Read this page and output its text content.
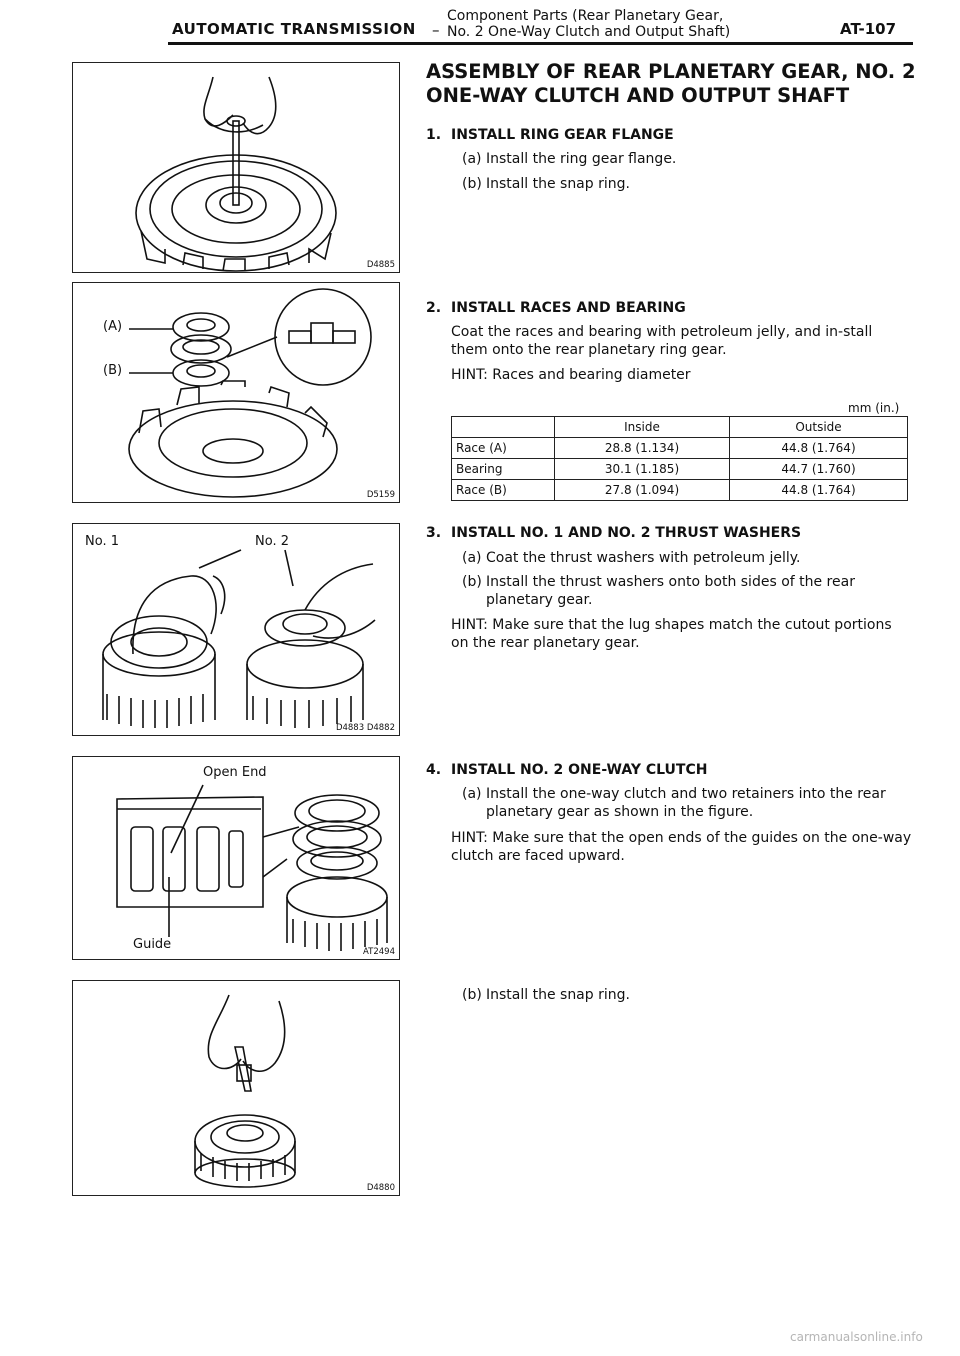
AUTOMATIC TRANSMISSION –
Component Parts (Rear Planetary Gear,
No. 2 One-Way Clutch and Output Shaft)	AT-107
D4885
(A)
(B)
D5159
No. 1	No. 2
D4883 D4882
Open End
Guide	AT2494
D4880
ASSEMBLY OF REAR PLANETARY GEAR, NO. 2
ONE-WAY CLUTCH AND OUTPUT SHAFT
1. INSTALL RING GEAR FLANGE
(a) Install the ring gear flange.
(b) Install the snap ring.
2. INSTALL RACES AND BEARING
Coat the races and bearing with petroleum jelly, and in-stall them onto the rear planetary ring gear.
HINT: Races and bearing diameter
mm (in.)
	Inside	Outside
Race (A)	28.8 (1.134)	44.8 (1.764)
Bearing	30.1 (1.185)	44.7 (1.760)
Race (B)	27.8 (1.094)	44.8 (1.764)
3. INSTALL NO. 1 AND NO. 2 THRUST WASHERS
(a) Coat the thrust washers with petroleum jelly.
(b) Install the thrust washers onto both sides of the rear planetary gear.
HINT: Make sure that the lug shapes match the cutout portions on the rear planetary gear.
4. INSTALL NO. 2 ONE-WAY CLUTCH
(a) Install the one-way clutch and two retainers into the rear planetary gear as shown in the figure.
HINT: Make sure that the open ends of the guides on the one-way clutch are faced upward.
(b) Install the snap ring.
carmanualsonline.info
